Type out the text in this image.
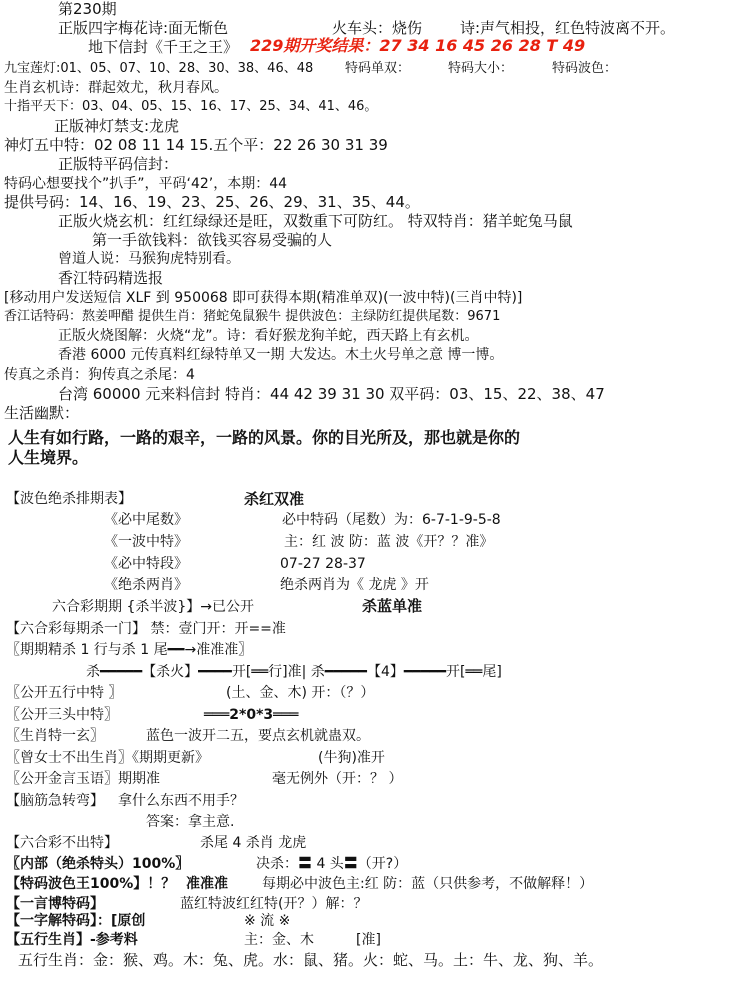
第230期
正版四字梅花诗:面无惭色	火车头：烧伤	诗:声气相投，红色特波离不开。
地下信封《千王之王》 229期开奖结果：27 34 16 45 26 28 T 49
九宝莲灯:01、05、07、10、28、30、38、46、48 特码单双：	特码大小：	特码波色：
生肖玄机诗：群起效尤，秋月春风。
十指平天下：03、04、05、15、16、17、25、34、41、46。
正版神灯禁支:龙虎
神灯五中特：02 08 11 14 15.五个平：22 26 30 31 39
正版特平码信封：
特码心想要找个”扒手”，平码‘42’，本期：44
提供号码：14、16、19、23、25、26、29、31、35、44。
正版火烧玄机：红红绿绿还是旺，双数重下可防红。 特双特肖：猪羊蛇兔马鼠
第一手欲钱料：欲钱买容易受骗的人
曾道人说：马猴狗虎特别看。
香江特码精选报
[移动用户发送短信 XLF 到 950068 即可获得本期(精准单双)(一波中特)(三肖中特)]
香江话特码：熬姜呷醋 提供生肖：猪蛇兔鼠猴牛 提供波色：主绿防红提供尾数：9671
正版火烧图解：火烧“龙”。诗：看好猴龙狗羊蛇，西天路上有玄机。
香港 6000 元传真料红绿特单又一期 大发达。木土火号单之意 博一博。
传真之杀肖：狗传真之杀尾：4
台湾 60000 元来料信封 特肖：44 42 39 31 30 双平码：03、15、22、38、47
生活幽默：
人生有如行路，一路的艰辛，一路的风景。你的目光所及，那也就是你的
人生境界。
【波色绝杀排期表】	杀红双准
《必中尾数》	必中特码（尾数）为：6-7-1-9-5-8
《一波中特》	主：红 波 防：蓝 波《开？？准》
《必中特段》	07-27 28-37
《绝杀两肖》	绝杀两肖为《 龙虎 》开
六合彩期期 {杀半波}】→已公开	杀蓝单准
【六合彩每期杀一门】 禁：壹门开：开==准
〖期期精杀 1 行与杀 1 尾━━→准准准〗
杀━━━━━【杀火】━━━━开[══行]准| 杀━━━━━【4】━━━━━开[══尾]
〖公开五行中特 〗	(土、金、木) 开：（？）
〖公开三头中特〗	═══2*0*3═══
〖生肖特一玄〗	蓝色一波开二五，要点玄机就蛊双。
〖曾女士不出生肖〗《期期更新》	(牛狗)准开
〖公开金言玉语〗期期准	毫无例外（开：？ ）
【脑筋急转弯】 拿什么东西不用手？
答案：拿主意.
【六合彩不出特】	杀尾 4 杀肖 龙虎
〖内部（绝杀特头）100%〗	决杀：〓 4 头〓（开?）
【特码波色王100%】！？ 准准准 每期必中波色主:红 防：蓝（只供参考，不做解释！）
【一言博特码】	蓝红特波红红特(开？）解：？
【一字解特码】：[原创	※ 流 ※
【五行生肖】-参考料	主：金、木	[准]
五行生肖：金：猴、鸡。木：兔、虎。水：鼠、猪。火：蛇、马。土：牛、龙、狗、羊。
